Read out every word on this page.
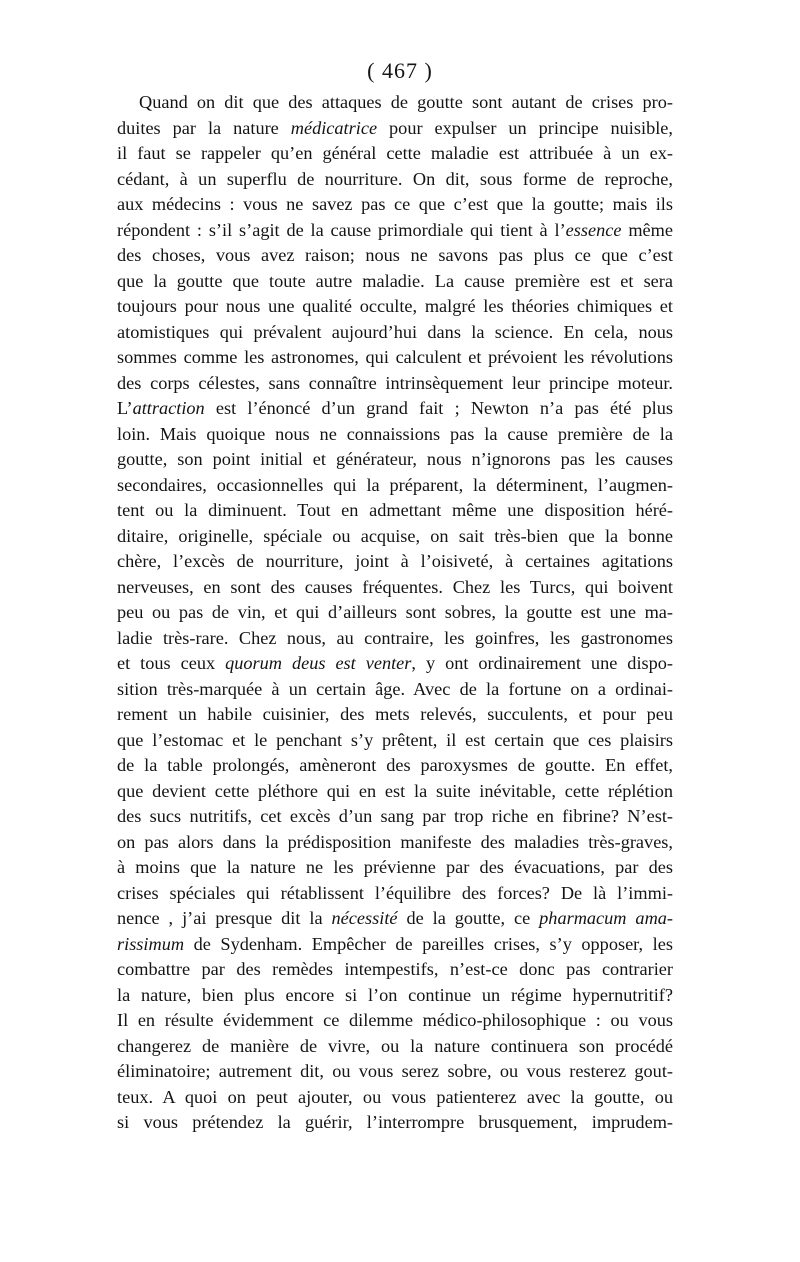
( 467 )
Quand on dit que des attaques de goutte sont autant de crises pro-
duites par la nature médicatrice pour expulser un principe nuisible,
il faut se rappeler qu’en général cette maladie est attribuée à un ex-
cédant, à un superflu de nourriture. On dit, sous forme de reproche,
aux médecins : vous ne savez pas ce que c’est que la goutte; mais ils
répondent : s’il s’agit de la cause primordiale qui tient à l’essence même
des choses, vous avez raison; nous ne savons pas plus ce que c’est
que la goutte que toute autre maladie. La cause première est et sera
toujours pour nous une qualité occulte, malgré les théories chimiques et
atomistiques qui prévalent aujourd’hui dans la science. En cela, nous
sommes comme les astronomes, qui calculent et prévoient les révolutions
des corps célestes, sans connaître intrinsèquement leur principe moteur.
L’attraction est l’énoncé d’un grand fait ; Newton n’a pas été plus
loin. Mais quoique nous ne connaissions pas la cause première de la
goutte, son point initial et générateur, nous n’ignorons pas les causes
secondaires, occasionnelles qui la préparent, la déterminent, l’augmen-
tent ou la diminuent. Tout en admettant même une disposition héré-
ditaire, originelle, spéciale ou acquise, on sait très-bien que la bonne
chère, l’excès de nourriture, joint à l’oisiveté, à certaines agitations
nerveuses, en sont des causes fréquentes. Chez les Turcs, qui boivent
peu ou pas de vin, et qui d’ailleurs sont sobres, la goutte est une ma-
ladie très-rare. Chez nous, au contraire, les goinfres, les gastronomes
et tous ceux quorum deus est venter, y ont ordinairement une dispo-
sition très-marquée à un certain âge. Avec de la fortune on a ordinai-
rement un habile cuisinier, des mets relevés, succulents, et pour peu
que l’estomac et le penchant s’y prêtent, il est certain que ces plaisirs
de la table prolongés, amèneront des paroxysmes de goutte. En effet,
que devient cette pléthore qui en est la suite inévitable, cette réplétion
des sucs nutritifs, cet excès d’un sang par trop riche en fibrine? N’est-
on pas alors dans la prédisposition manifeste des maladies très-graves,
à moins que la nature ne les prévienne par des évacuations, par des
crises spéciales qui rétablissent l’équilibre des forces? De là l’immi-
nence , j’ai presque dit la nécessité de la goutte, ce pharmacum ama-
rissimum de Sydenham. Empêcher de pareilles crises, s’y opposer, les
combattre par des remèdes intempestifs, n’est-ce donc pas contrarier
la nature, bien plus encore si l’on continue un régime hypernutritif?
Il en résulte évidemment ce dilemme médico-philosophique : ou vous
changerez de manière de vivre, ou la nature continuera son procédé
éliminatoire; autrement dit, ou vous serez sobre, ou vous resterez gout-
teux. A quoi on peut ajouter, ou vous patienterez avec la goutte, ou
si vous prétendez la guérir, l’interrompre brusquement, imprudem-
